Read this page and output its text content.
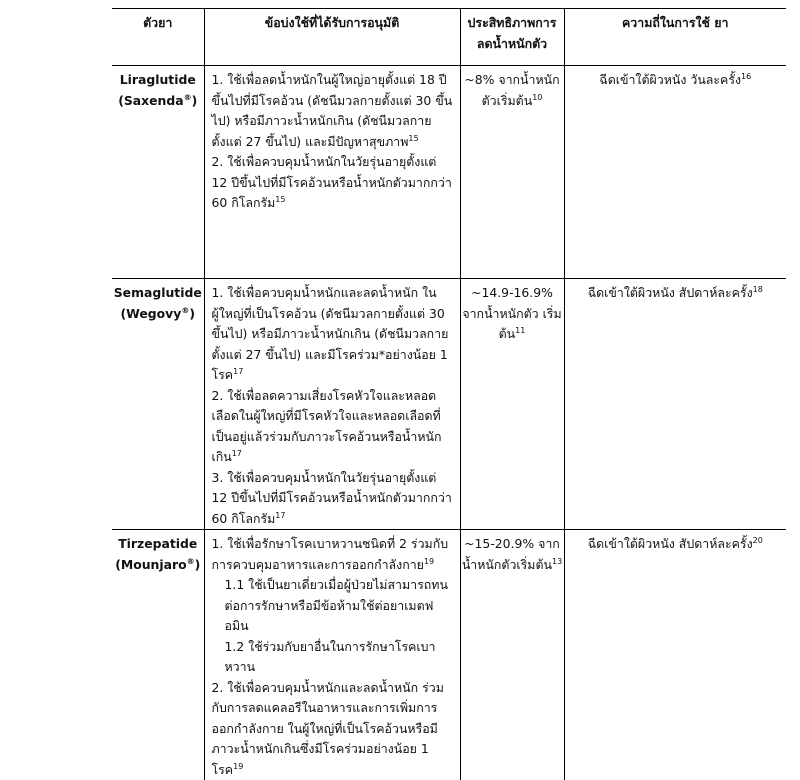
ตัวยา	ข้อบ่งใช้ที่ได้รับการอนุมัติ	ประสิทธิภาพการ ลดน้ำหนักตัว	ความถี่ในการใช้ ยา

Liraglutide
(Saxenda®)	1. ใช้เพื่อลดน้ำหนักในผู้ใหญ่อายุตั้งแต่ 18 ปีขึ้นไปที่มีโรคอ้วน (ดัชนีมวลกายตั้งแต่ 30 ขึ้นไป) หรือมีภาวะน้ำหนักเกิน (ดัชนีมวลกายตั้งแต่ 27 ขึ้นไป) และมีปัญหาสุขภาพ$^{15}$
2. ใช้เพื่อควบคุมน้ำหนักในวัยรุ่นอายุตั้งแต่ 12 ปีขึ้นไปที่มีโรคอ้วนหรือน้ำหนักตัวมากกว่า 60 กิโลกรัม$^{15}$	~8% จากน้ำหนักตัวเริ่มต้น$^{10}$	ฉีดเข้าใต้ผิวหนัง วันละครั้ง$^{16}$

Semaglutide
(Wegovy®)	1. ใช้เพื่อควบคุมน้ำหนักและลดน้ำหนัก ในผู้ใหญ่ที่เป็นโรคอ้วน (ดัชนีมวลกายตั้งแต่ 30 ขึ้นไป) หรือมีภาวะน้ำหนักเกิน (ดัชนีมวลกายตั้งแต่ 27 ขึ้นไป) และมีโรคร่วม*อย่างน้อย 1 โรค$^{17}$
2. ใช้เพื่อลดความเสี่ยงโรคหัวใจและหลอดเลือดในผู้ใหญ่ที่มีโรคหัวใจและหลอดเลือดที่เป็นอยู่แล้วร่วมกับภาวะโรคอ้วนหรือน้ำหนักเกิน$^{17}$
3. ใช้เพื่อควบคุมน้ำหนักในวัยรุ่นอายุตั้งแต่ 12 ปีขึ้นไปที่มีโรคอ้วนหรือน้ำหนักตัวมากกว่า 60 กิโลกรัม$^{17}$	~14.9-16.9% จากน้ำหนักตัว เริ่มต้น$^{11}$	ฉีดเข้าใต้ผิวหนัง สัปดาห์ละครั้ง$^{18}$

Tirzepatide
(Mounjaro®)	1. ใช้เพื่อรักษาโรคเบาหวานชนิดที่ 2 ร่วมกับการควบคุมอาหารและการออกกำลังกาย$^{19}$
1.1 ใช้เป็นยาเดี่ยวเมื่อผู้ป่วยไม่สามารถทนต่อการรักษาหรือมีข้อห้ามใช้ต่อยาเมตฟอมิน
1.2 ใช้ร่วมกับยาอื่นในการรักษาโรคเบาหวาน
2. ใช้เพื่อควบคุมน้ำหนักและลดน้ำหนัก ร่วมกับการลดแคลอรีในอาหารและการเพิ่มการออกกำลังกาย ในผู้ใหญ่ที่เป็นโรคอ้วนหรือมีภาวะน้ำหนักเกินซึ่งมีโรคร่วมอย่างน้อย 1 โรค$^{19}$	~15-20.9% จาก น้ำหนักตัวเริ่มต้น$^{13}$	ฉีดเข้าใต้ผิวหนัง สัปดาห์ละครั้ง$^{20}$
